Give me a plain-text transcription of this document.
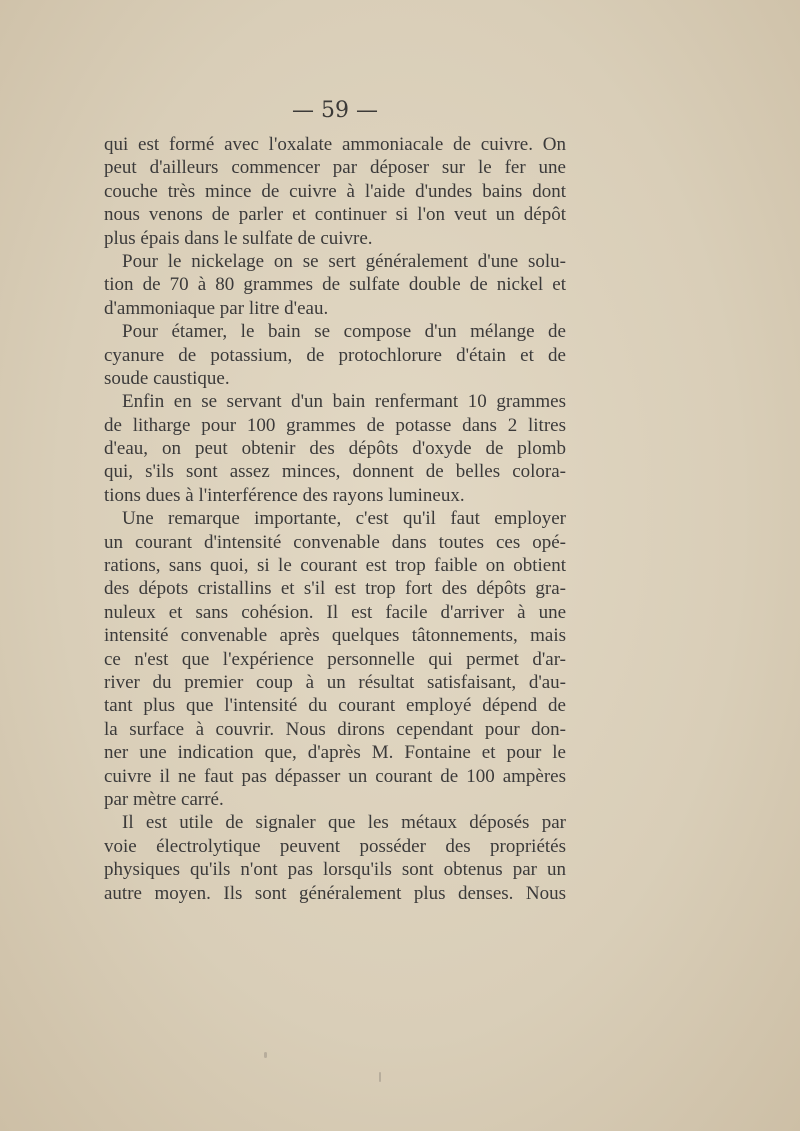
— 59 —
qui est formé avec l'oxalate ammoniacale de cuivre. On
peut d'ailleurs commencer par déposer sur le fer une
couche très mince de cuivre à l'aide d'undes bains dont
nous venons de parler et continuer si l'on veut un dépôt
plus épais dans le sulfate de cuivre.
Pour le nickelage on se sert généralement d'une solu-
tion de 70 à 80 grammes de sulfate double de nickel et
d'ammoniaque par litre d'eau.
Pour étamer, le bain se compose d'un mélange de
cyanure de potassium, de protochlorure d'étain et de
soude caustique.
Enfin en se servant d'un bain renfermant 10 grammes
de litharge pour 100 grammes de potasse dans 2 litres
d'eau, on peut obtenir des dépôts d'oxyde de plomb
qui, s'ils sont assez minces, donnent de belles colora-
tions dues à l'interférence des rayons lumineux.
Une remarque importante, c'est qu'il faut employer
un courant d'intensité convenable dans toutes ces opé-
rations, sans quoi, si le courant est trop faible on obtient
des dépots cristallins et s'il est trop fort des dépôts gra-
nuleux et sans cohésion. Il est facile d'arriver à une
intensité convenable après quelques tâtonnements, mais
ce n'est que l'expérience personnelle qui permet d'ar-
river du premier coup à un résultat satisfaisant, d'au-
tant plus que l'intensité du courant employé dépend de
la surface à couvrir. Nous dirons cependant pour don-
ner une indication que, d'après M. Fontaine et pour le
cuivre il ne faut pas dépasser un courant de 100 ampères
par mètre carré.
Il est utile de signaler que les métaux déposés par
voie électrolytique peuvent posséder des propriétés
physiques qu'ils n'ont pas lorsqu'ils sont obtenus par un
autre moyen. Ils sont généralement plus denses. Nous
